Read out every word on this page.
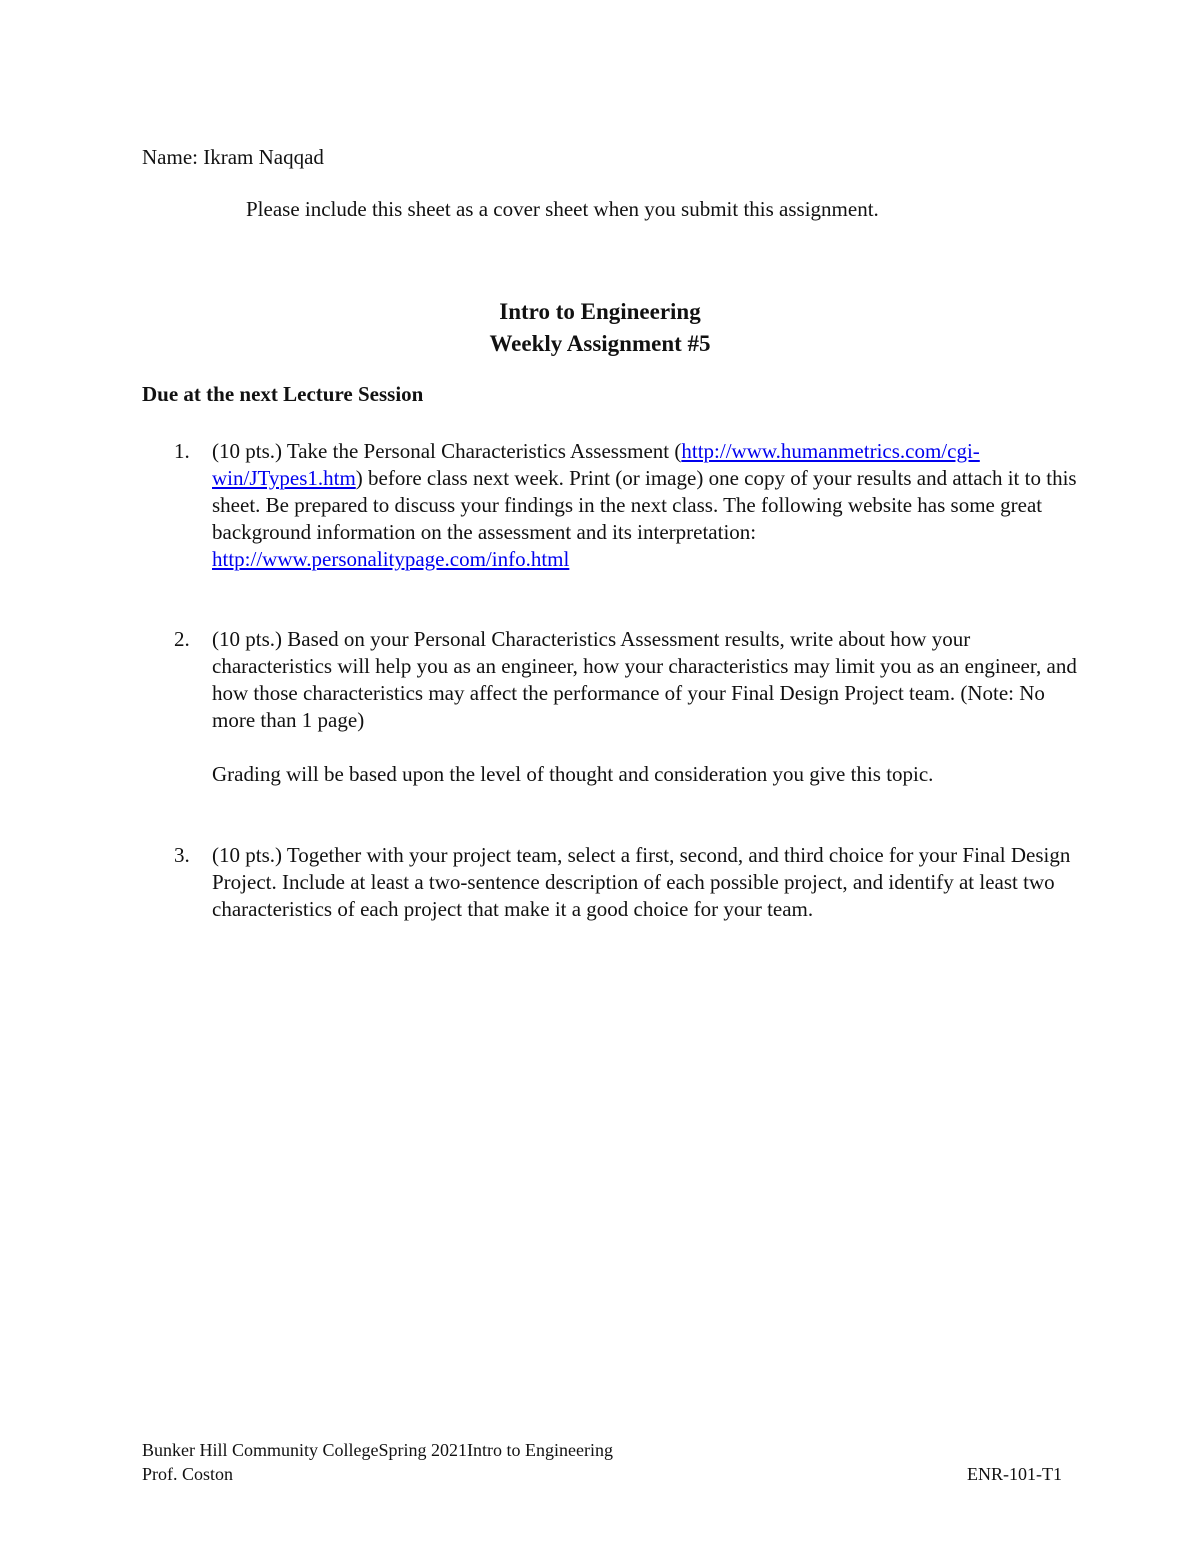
Name: Ikram Naqqad
Please include this sheet as a cover sheet when you submit this assignment.
Intro to Engineering
Weekly Assignment #5
Due at the next Lecture Session
1. (10 pts.) Take the Personal Characteristics Assessment (http://www.humanmetrics.com/cgi-win/JTypes1.htm) before class next week. Print (or image) one copy of your results and attach it to this sheet. Be prepared to discuss your findings in the next class. The following website has some great background information on the assessment and its interpretation: http://www.personalitypage.com/info.html

2. (10 pts.) Based on your Personal Characteristics Assessment results, write about how your characteristics will help you as an engineer, how your characteristics may limit you as an engineer, and how those characteristics may affect the performance of your Final Design Project team. (Note: No more than 1 page)

Grading will be based upon the level of thought and consideration you give this topic.

3. (10 pts.) Together with your project team, select a first, second, and third choice for your Final Design Project. Include at least a two-sentence description of each possible project, and identify at least two characteristics of each project that make it a good choice for your team.

Bunker Hill Community CollegeSpring 2021Intro to Engineering
Prof. Coston	ENR-101-T1
